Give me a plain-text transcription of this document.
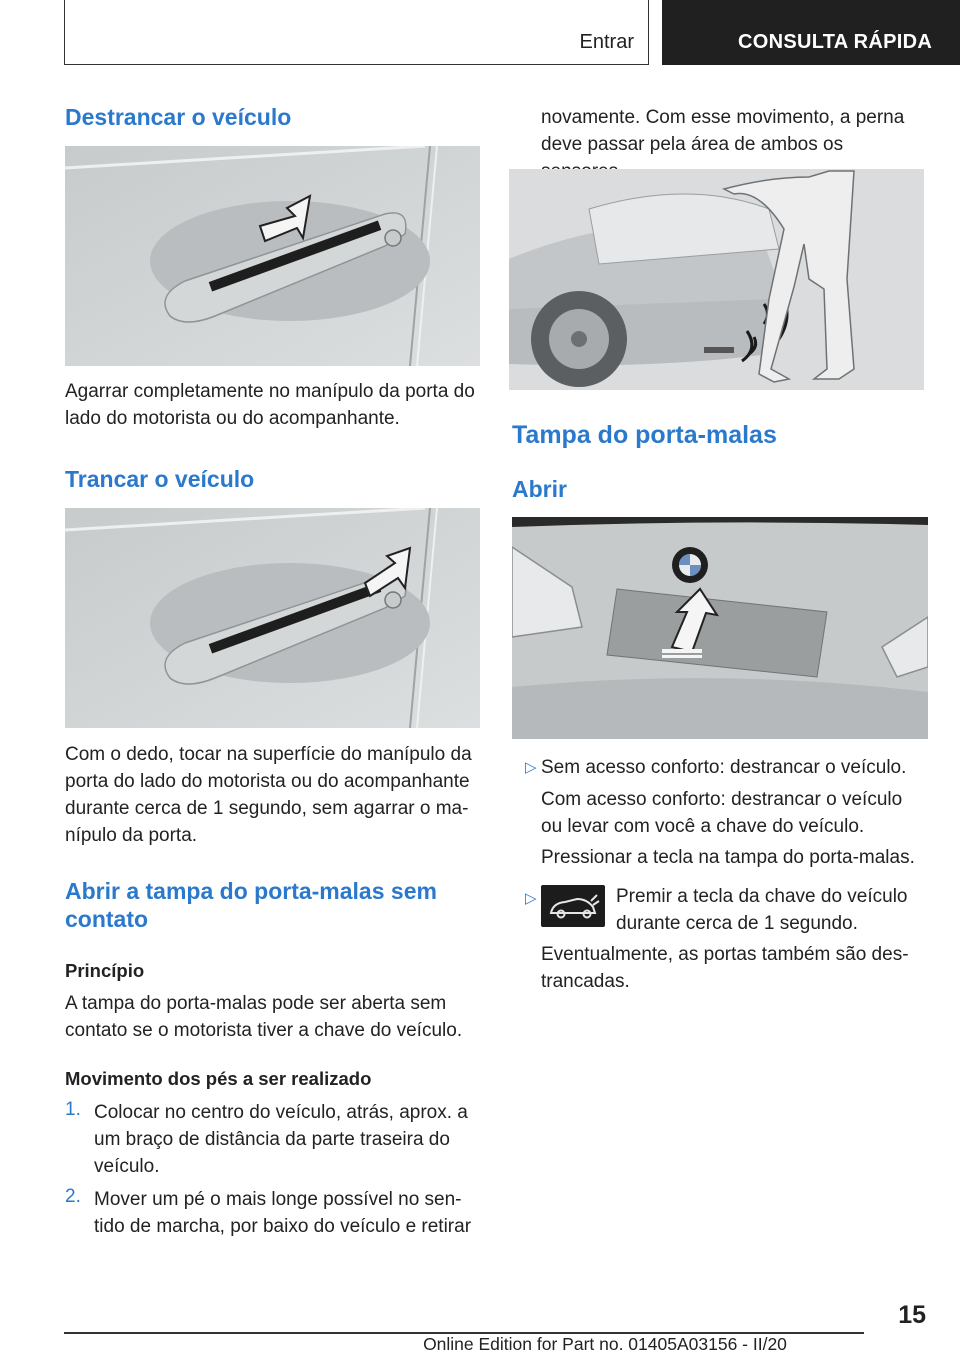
Entrar	CONSULTA RÁPIDA
Destrancar o veículo
Agarrar completamente no manípulo da porta do
lado do motorista ou do acompanhante.
Trancar o veículo
Com o dedo, tocar na superfície do manípulo da
porta do lado do motorista ou do acompanhante
durante cerca de 1 segundo, sem agarrar o ma‐
nípulo da porta.
Abrir a tampa do porta-malas sem
contato
Princípio
A tampa do porta-malas pode ser aberta sem
contato se o motorista tiver a chave do veículo.
Movimento dos pés a ser realizado
1. Colocar no centro do veículo, atrás, aprox. a
um braço de distância da parte traseira do
veículo.
2. Mover um pé o mais longe possível no sen‐
tido de marcha, por baixo do veículo e retirar
novamente. Com esse movimento, a perna
deve passar pela área de ambos os
Tampa do porta-malas
Abrir
▷ Sem acesso conforto: destrancar o veículo.
Com acesso conforto: destrancar o veículo
ou levar com você a chave do veículo.
Pressionar a tecla na tampa do porta-malas.
▷	Premir a tecla da chave do veículo
durante cerca de 1 segundo.
Eventualmente, as portas também são des‐
trancadas.
15
Online Edition for Part no. 01405A03156 - II/20
